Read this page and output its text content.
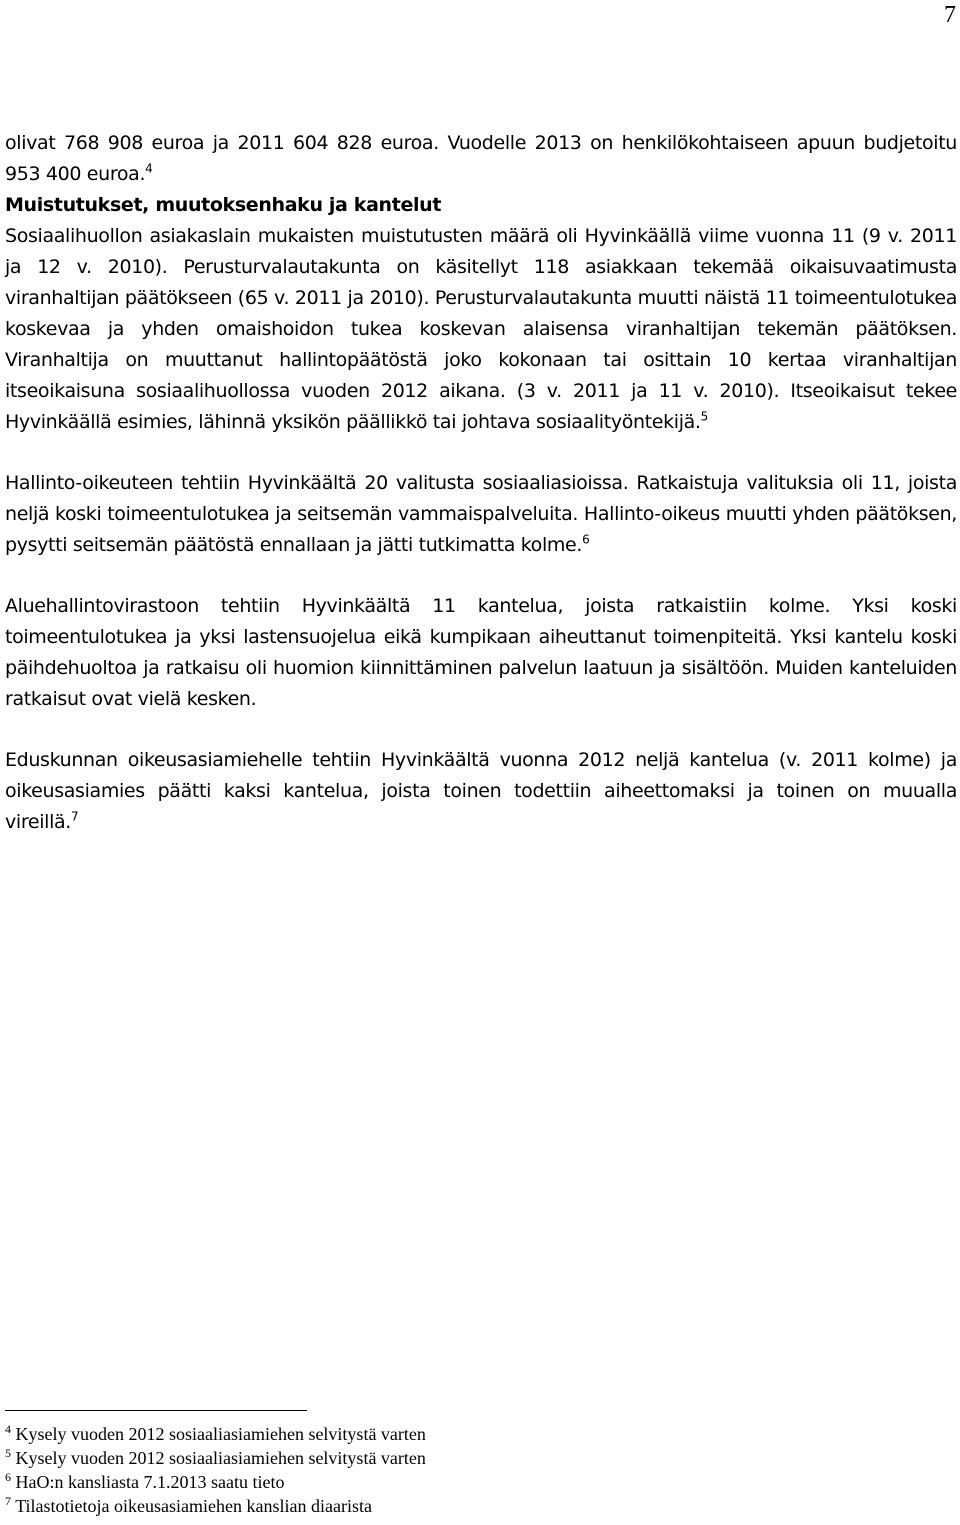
7

olivat 768 908 euroa ja 2011 604 828 euroa. Vuodelle 2013 on henkilökohtaiseen apuun budjetoitu 953 400 euroa.$^4$

Muistutukset, muutoksenhaku ja kantelut

Sosiaalihuollon asiakaslain mukaisten muistutusten määrä oli Hyvinkäällä viime vuonna 11 (9 v. 2011 ja 12 v. 2010). Perusturvalautakunta on käsitellyt 118 asiakkaan tekemää oikaisuvaatimusta viranhaltijan päätökseen (65 v. 2011 ja 2010). Perusturvalautakunta muutti näistä 11 toimeentulotukea koskevaa ja yhden omaishoidon tukea koskevan alaisensa viranhaltijan tekemän päätöksen. Viranhaltija on muuttanut hallintopäätöstä joko kokonaan tai osittain 10 kertaa viranhaltijan itseoikaisuna sosiaalihuollossa vuoden 2012 aikana. (3 v. 2011 ja 11 v. 2010). Itseoikaisut tekee Hyvinkäällä esimies, lähinnä yksikön päällikkö tai johtava sosiaalityöntekijä.$^5$

Hallinto-oikeuteen tehtiin Hyvinkäältä 20 valitusta sosiaaliasioissa. Ratkaistuja valituksia oli 11, joista neljä koski toimeentulotukea ja seitsemän vammaispalveluita. Hallinto-oikeus muutti yhden päätöksen, pysytti seitsemän päätöstä ennallaan ja jätti tutkimatta kolme.$^6$

Aluehallintovirastoon tehtiin Hyvinkäältä 11 kantelua, joista ratkaistiin kolme. Yksi koski toimeentulotukea ja yksi lastensuojelua eikä kumpikaan aiheuttanut toimenpiteitä. Yksi kantelu koski päihdehuoltoa ja ratkaisu oli huomion kiinnittäminen palvelun laatuun ja sisältöön. Muiden kanteluiden ratkaisut ovat vielä kesken.

Eduskunnan oikeusasiamiehelle tehtiin Hyvinkäältä vuonna 2012 neljä kantelua (v. 2011 kolme) ja oikeusasiamies päätti kaksi kantelua, joista toinen todettiin aiheettomaksi ja toinen on muualla vireillä.$^7$

$^4$ Kysely vuoden 2012 sosiaaliasiamiehen selvitystä varten
$^5$ Kysely vuoden 2012 sosiaaliasiamiehen selvitystä varten
$^6$ HaO:n kansliasta 7.1.2013 saatu tieto
$^7$ Tilastotietoja oikeusasiamiehen kanslian diaarista
